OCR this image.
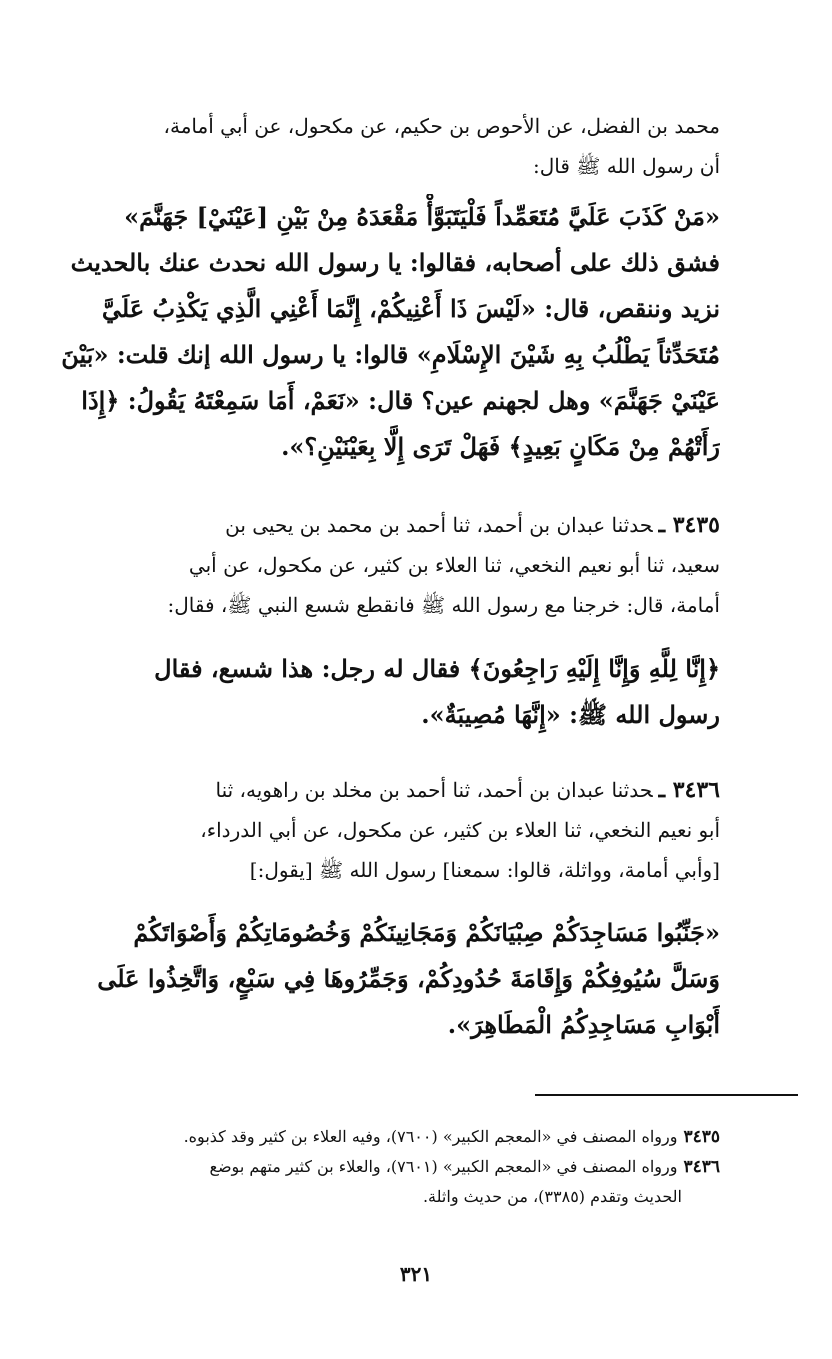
محمد بن الفضل، عن الأحوص بن حكيم، عن مكحول، عن أبي أمامة،
أن رسول الله ﷺ قال:
«مَنْ كَذَبَ عَلَيَّ مُتَعَمِّداً فَلْيَتَبَوَّأْ مَقْعَدَهُ مِنْ بَيْنِ [عَيْنَيْ] جَهَنَّمَ»
فشق ذلك على أصحابه، فقالوا: يا رسول الله نحدث عنك بالحديث
نزيد وننقص، قال: «لَيْسَ ذَا أَعْنِيكُمْ، إِنَّمَا أَعْنِي الَّذِي يَكْذِبُ عَلَيَّ
مُتَحَدِّثاً يَطْلُبُ بِهِ شَيْنَ الإِسْلَامِ» قالوا: يا رسول الله إنك قلت: «بَيْنَ
عَيْنَيْ جَهَنَّمَ» وهل لجهنم عين؟ قال: «نَعَمْ، أَمَا سَمِعْتَهُ يَقُولُ: ﴿إِذَا
رَأَتْهُمْ مِنْ مَكَانٍ بَعِيدٍ﴾ فَهَلْ تَرَى إِلَّا بِعَيْنَيْنِ؟».
٣٤٣٥ ـحدثنا عبدان بن أحمد، ثنا أحمد بن محمد بن يحيى بن
سعيد، ثنا أبو نعيم النخعي، ثنا العلاء بن كثير، عن مكحول، عن أبي
أمامة، قال: خرجنا مع رسول الله ﷺ فانقطع شسع النبي ﷺ، فقال:
﴿إِنَّا لِلَّهِ وَإِنَّا إِلَيْهِ رَاجِعُونَ﴾ فقال له رجل: هذا شسع، فقال
رسول الله ﷺ: «إِنَّهَا مُصِيبَةٌ».
٣٤٣٦ ـحدثنا عبدان بن أحمد، ثنا أحمد بن مخلد بن راهويه، ثنا
أبو نعيم النخعي، ثنا العلاء بن كثير، عن مكحول، عن أبي الدرداء،
[وأبي أمامة، وواثلة، قالوا: سمعنا] رسول الله ﷺ [يقول:]
«جَنِّبُوا مَسَاجِدَكُمْ صِبْيَانَكُمْ وَمَجَانِينَكُمْ وَخُصُومَاتِكُمْ وَأَصْوَاتَكُمْ
وَسَلَّ سُيُوفِكُمْ وَإِقَامَةَ حُدُودِكُمْ، وَجَمِّرُوهَا فِي سَبْعٍ، وَاتَّخِذُوا عَلَى
أَبْوَابِ مَسَاجِدِكُمُ الْمَطَاهِرَ».
٣٤٣٥ورواه المصنف في «المعجم الكبير» (٧٦٠٠)، وفيه العلاء بن كثير وقد كذبوه.
٣٤٣٦ورواه المصنف في «المعجم الكبير» (٧٦٠١)، والعلاء بن كثير متهم بوضع
الحديث وتقدم (٣٣٨٥)، من حديث واثلة.
٣٢١
